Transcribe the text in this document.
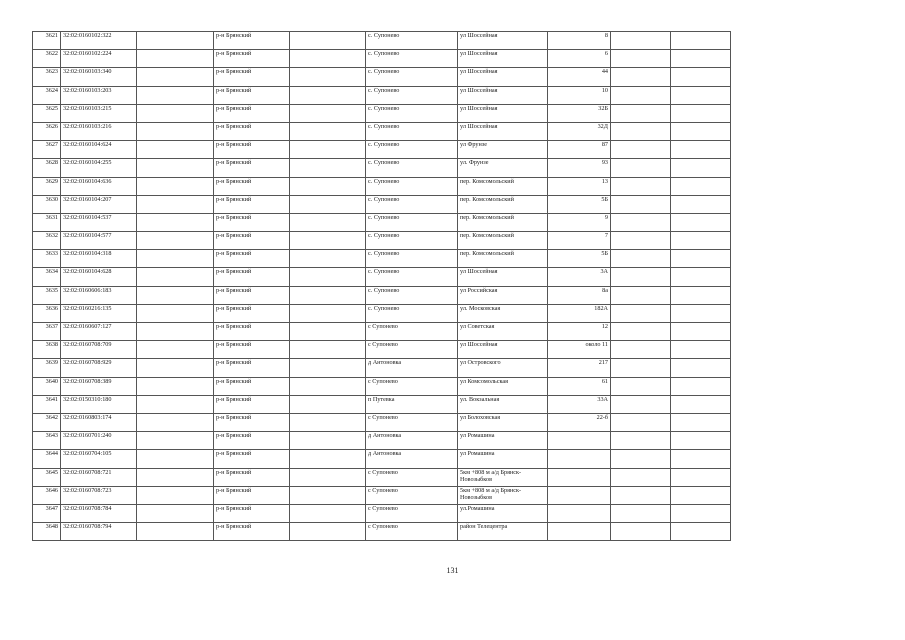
3621	32:02:0160102:322		р-н Брянский		с. Супонево	ул Шоссейная	8		
3622	32:02:0160102:224		р-н Брянский		с. Супонево	ул Шоссейная	6		
3623	32:02:0160103:340		р-н Брянский		с. Супонево	ул Шоссейная	44		
3624	32:02:0160103:203		р-н Брянский		с. Супонево	ул Шоссейная	10		
3625	32:02:0160103:215		р-н Брянский		с. Супонево	ул Шоссейная	32Б		
3626	32:02:0160103:216		р-н Брянский		с. Супонево	ул Шоссейная	32Д		
3627	32:02:0160104:624		р-н Брянский		с. Супонево	ул Фрунзе	87		
3628	32:02:0160104:255		р-н Брянский		с. Супонево	ул. Фрунзе	93		
3629	32:02:0160104:636		р-н Брянский		с. Супонево	пер. Комсомольский	13		
3630	32:02:0160104:207		р-н Брянский		с. Супонево	пер. Комсомольский	5Б		
3631	32:02:0160104:537		р-н Брянский		с. Супонево	пер. Комсомольский	9		
3632	32:02:0160104:577		р-н Брянский		с. Супонево	пер. Комсомольский	7		
3633	32:02:0160104:318		р-н Брянский		с. Супонево	пер. Комсомольский	5Б		
3634	32:02:0160104:628		р-н Брянский		с. Супонево	ул Шоссейная	3А		
3635	32:02:0160606:183		р-н Брянский		с. Супонево	ул Российская	8а		
3636	32:02:0160216:135		р-н Брянский		с. Супонево	ул. Московская	182А		
3637	32:02:0160607:127		р-н Брянский		с Супонево	ул Советская	12		
3638	32:02:0160708:709		р-н Брянский		с Супонево	ул Шоссейная	около 11		
3639	32:02:0160708:929		р-н Брянский		д Антоновка	ул Островского	217		
3640	32:02:0160708:389		р-н Брянский		с Супонево	ул Комсомольская	61		
3641	32:02:0150310:180		р-н Брянский		п Путевка	ул. Вокзальная	33А		
3642	32:02:0160803:174		р-н Брянский		с Супонево	ул Болоховская	22-б		
3643	32:02:0160701:240		р-н Брянский		д Антоновка	ул Ромашина			
3644	32:02:0160704:105		р-н Брянский		д Антоновка	ул Ромашина			
3645	32:02:0160708:721		р-н Брянский		с Супонево	5км +808 м а/д Брянск-Новозыбков			
3646	32:02:0160708:723		р-н Брянский		с Супонево	5км +808 м а/д Брянск-Новозыбков			
3647	32:02:0160708:784		р-н Брянский		с Супонево	ул.Ромашина			
3648	32:02:0160708:794		р-н Брянский		с Супонево	район Телецентра			
131
